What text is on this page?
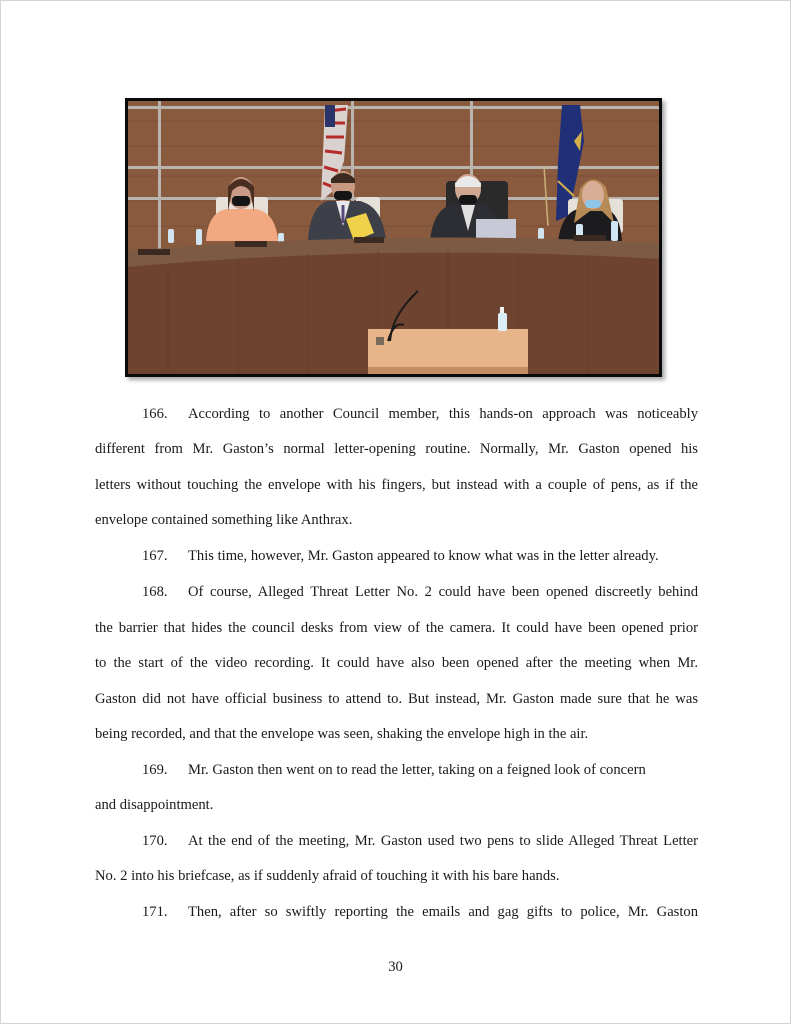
166. According to another Council member, this hands-on approach was noticeably
different from Mr. Gaston’s normal letter-opening routine. Normally, Mr. Gaston opened his
letters without touching the envelope with his fingers, but instead with a couple of pens, as if the
envelope contained something like Anthrax.
167. This time, however, Mr. Gaston appeared to know what was in the letter already.
168. Of course, Alleged Threat Letter No. 2 could have been opened discreetly behind
the barrier that hides the council desks from view of the camera. It could have been opened prior
to the start of the video recording. It could have also been opened after the meeting when Mr.
Gaston did not have official business to attend to. But instead, Mr. Gaston made sure that he was
being recorded, and that the envelope was seen, shaking the envelope high in the air.
169. Mr. Gaston then went on to read the letter, taking on a feigned look of concern
and disappointment.
170. At the end of the meeting, Mr. Gaston used two pens to slide Alleged Threat Letter
No. 2 into his briefcase, as if suddenly afraid of touching it with his bare hands.
171. Then, after so swiftly reporting the emails and gag gifts to police, Mr. Gaston
30
